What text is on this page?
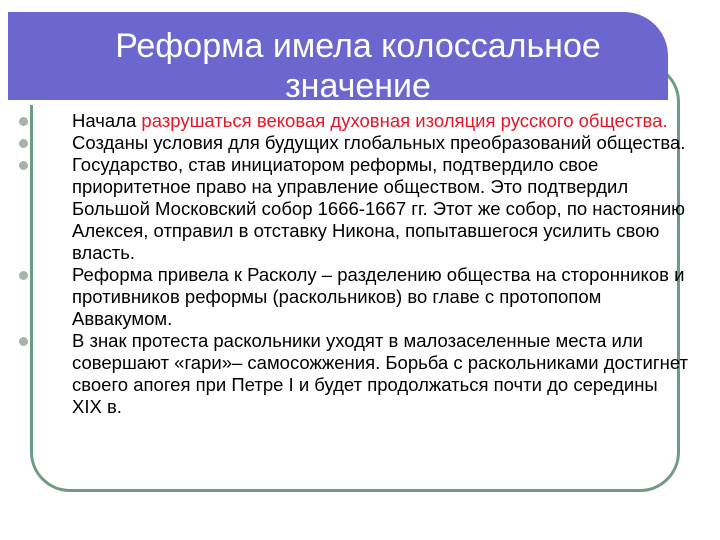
Реформа имела колоссальное
значение
Начала разрушаться вековая духовная изоляция русского общества.
Созданы условия для будущих глобальных преобразований общества.
Государство, став инициатором реформы, подтвердило свое приоритетное право на управление обществом. Это подтвердил Большой Московский собор 1666-1667 гг. Этот же собор, по настоянию Алексея, отправил в отставку Никона, попытавшегося усилить свою власть.
Реформа привела к Расколу – разделению общества на сторонников и противников реформы (раскольников) во главе с протопопом Аввакумом.
В знак протеста раскольники уходят в малозаселенные места или совершают «гари»– самосожжения. Борьба с раскольниками достигнет своего апогея при Петре I и будет продолжаться почти до середины XIX в.
